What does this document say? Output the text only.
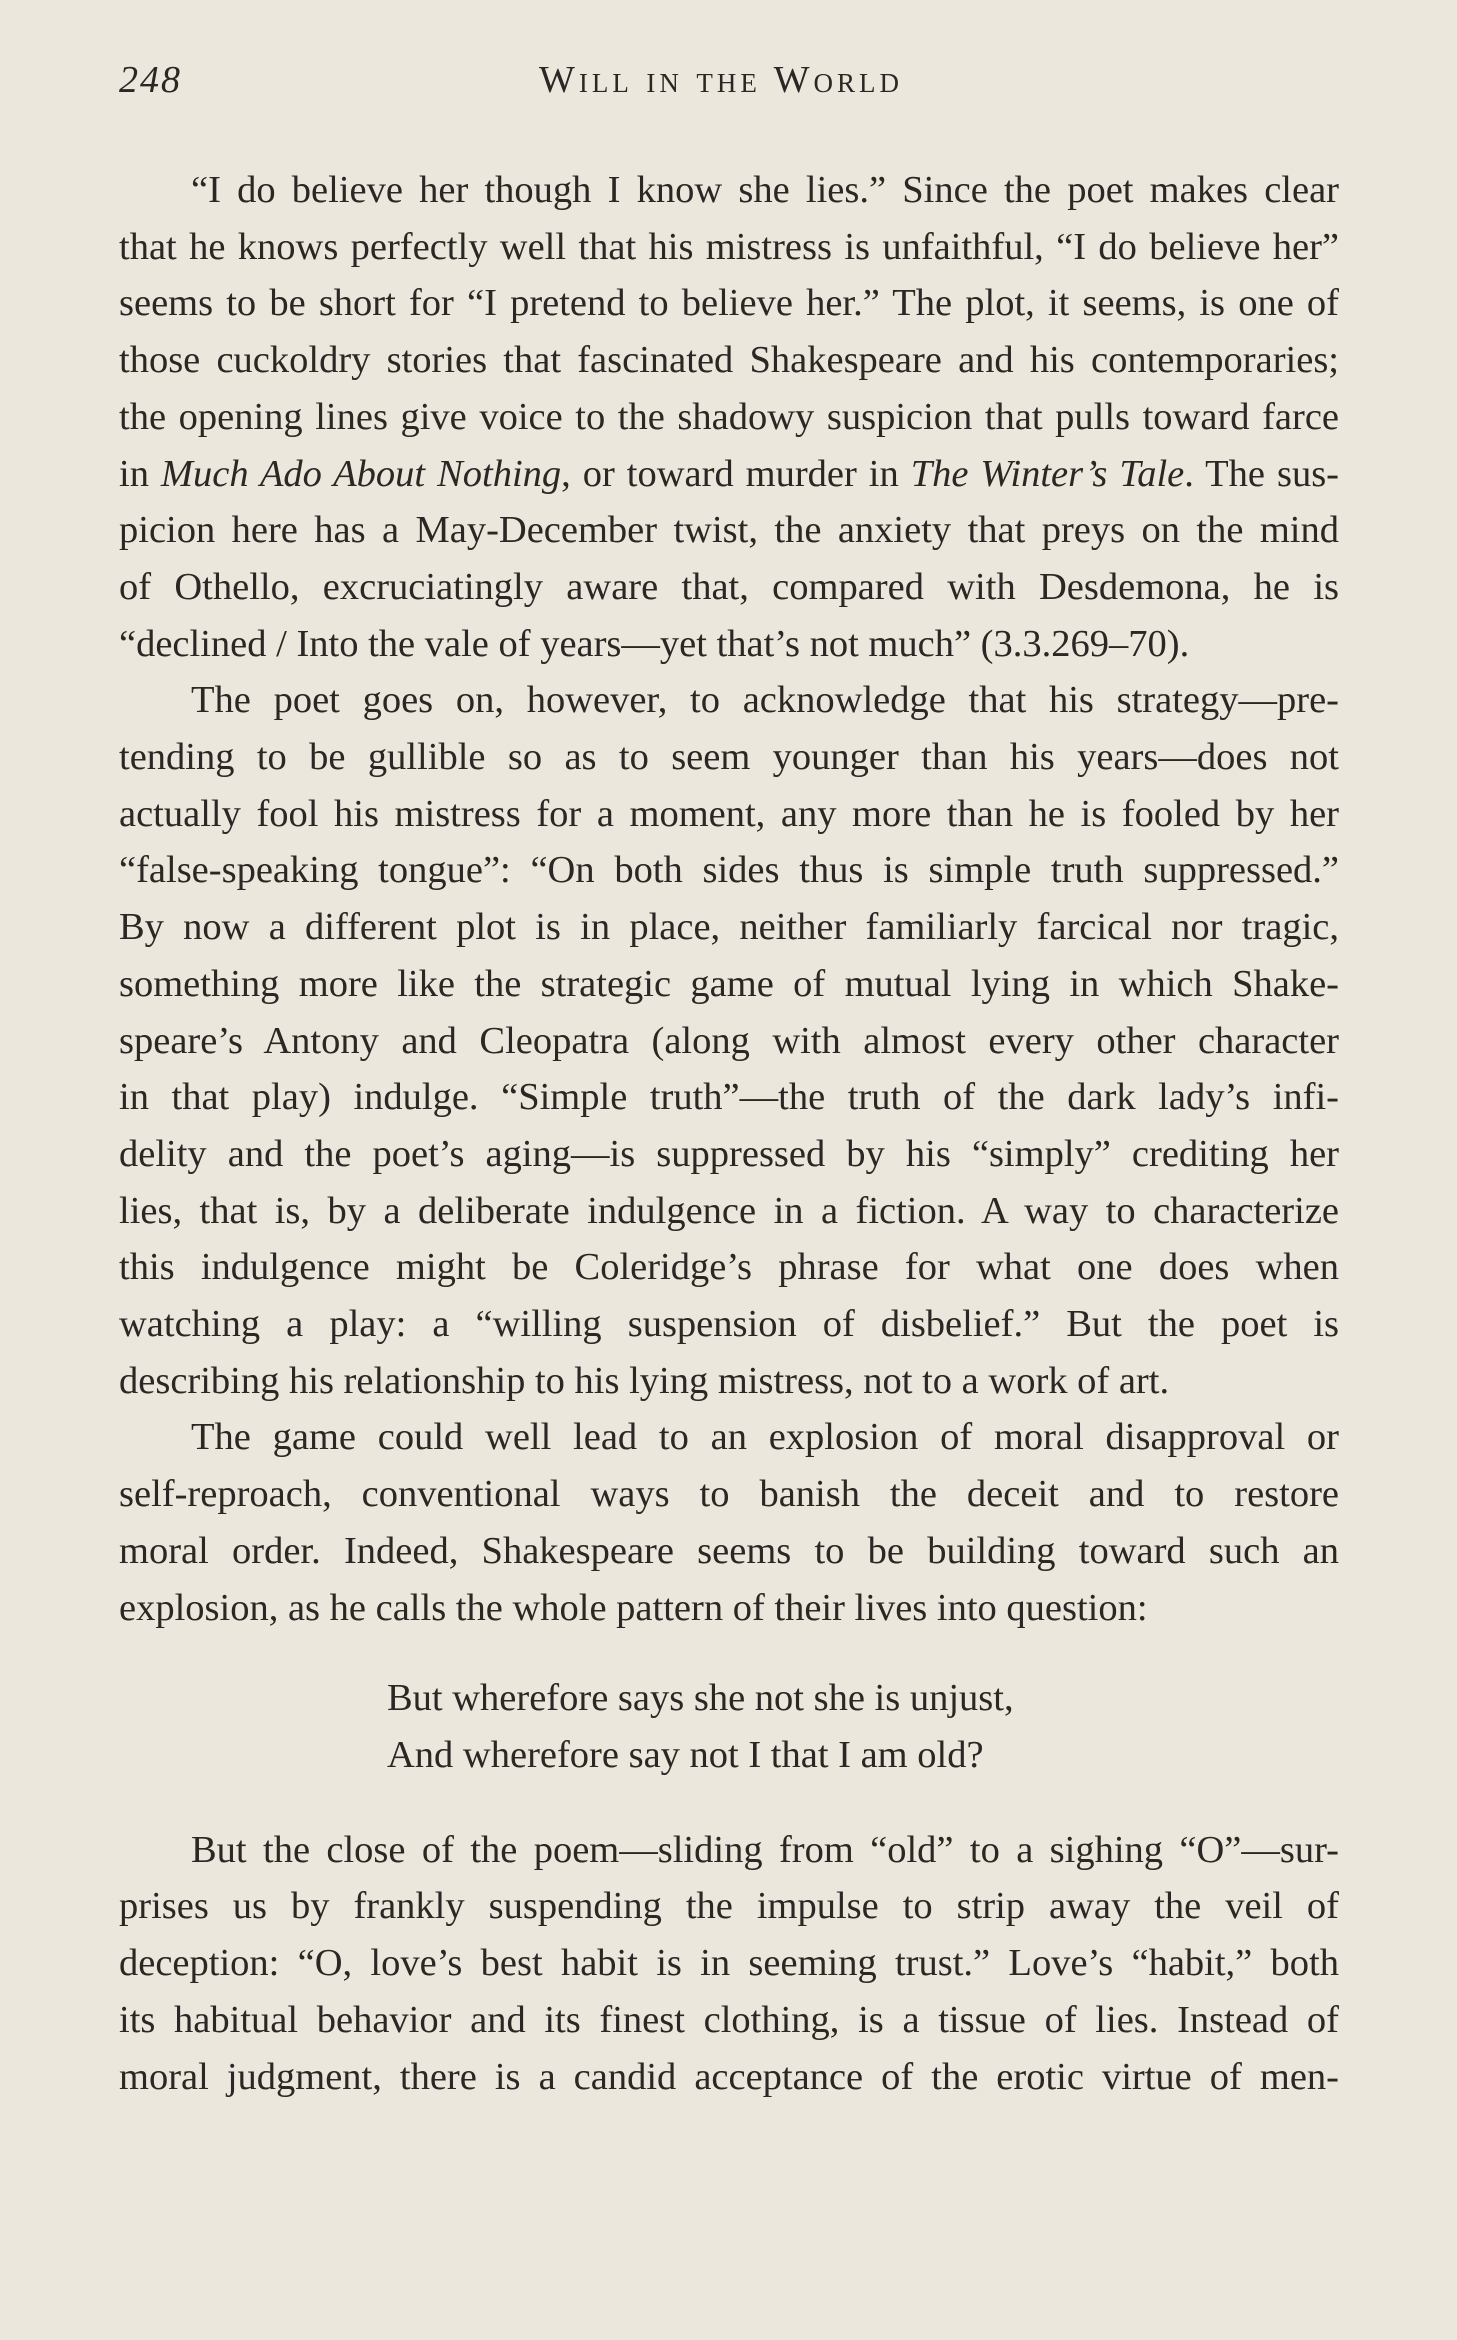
248	Will in the World

“I do believe her though I know she lies.” Since the poet makes clear
that he knows perfectly well that his mistress is unfaithful, “I do believe her”
seems to be short for “I pretend to believe her.” The plot, it seems, is one of
those cuckoldry stories that fascinated Shakespeare and his contemporaries;
the opening lines give voice to the shadowy suspicion that pulls toward farce
in Much Ado About Nothing, or toward murder in The Winter’s Tale. The sus-
picion here has a May-December twist, the anxiety that preys on the mind
of Othello, excruciatingly aware that, compared with Desdemona, he is
“declined / Into the vale of years—yet that’s not much” (3.3.269–70).

The poet goes on, however, to acknowledge that his strategy—pre-
tending to be gullible so as to seem younger than his years—does not
actually fool his mistress for a moment, any more than he is fooled by her
“false-speaking tongue”: “On both sides thus is simple truth suppressed.”
By now a different plot is in place, neither familiarly farcical nor tragic,
something more like the strategic game of mutual lying in which Shake-
speare’s Antony and Cleopatra (along with almost every other character
in that play) indulge. “Simple truth”—the truth of the dark lady’s infi-
delity and the poet’s aging—is suppressed by his “simply” crediting her
lies, that is, by a deliberate indulgence in a fiction. A way to characterize
this indulgence might be Coleridge’s phrase for what one does when
watching a play: a “willing suspension of disbelief.” But the poet is
describing his relationship to his lying mistress, not to a work of art.

The game could well lead to an explosion of moral disapproval or
self-reproach, conventional ways to banish the deceit and to restore
moral order. Indeed, Shakespeare seems to be building toward such an
explosion, as he calls the whole pattern of their lives into question:

But wherefore says she not she is unjust,
And wherefore say not I that I am old?

But the close of the poem—sliding from “old” to a sighing “O”—sur-
prises us by frankly suspending the impulse to strip away the veil of
deception: “O, love’s best habit is in seeming trust.” Love’s “habit,” both
its habitual behavior and its finest clothing, is a tissue of lies. Instead of
moral judgment, there is a candid acceptance of the erotic virtue of men-
